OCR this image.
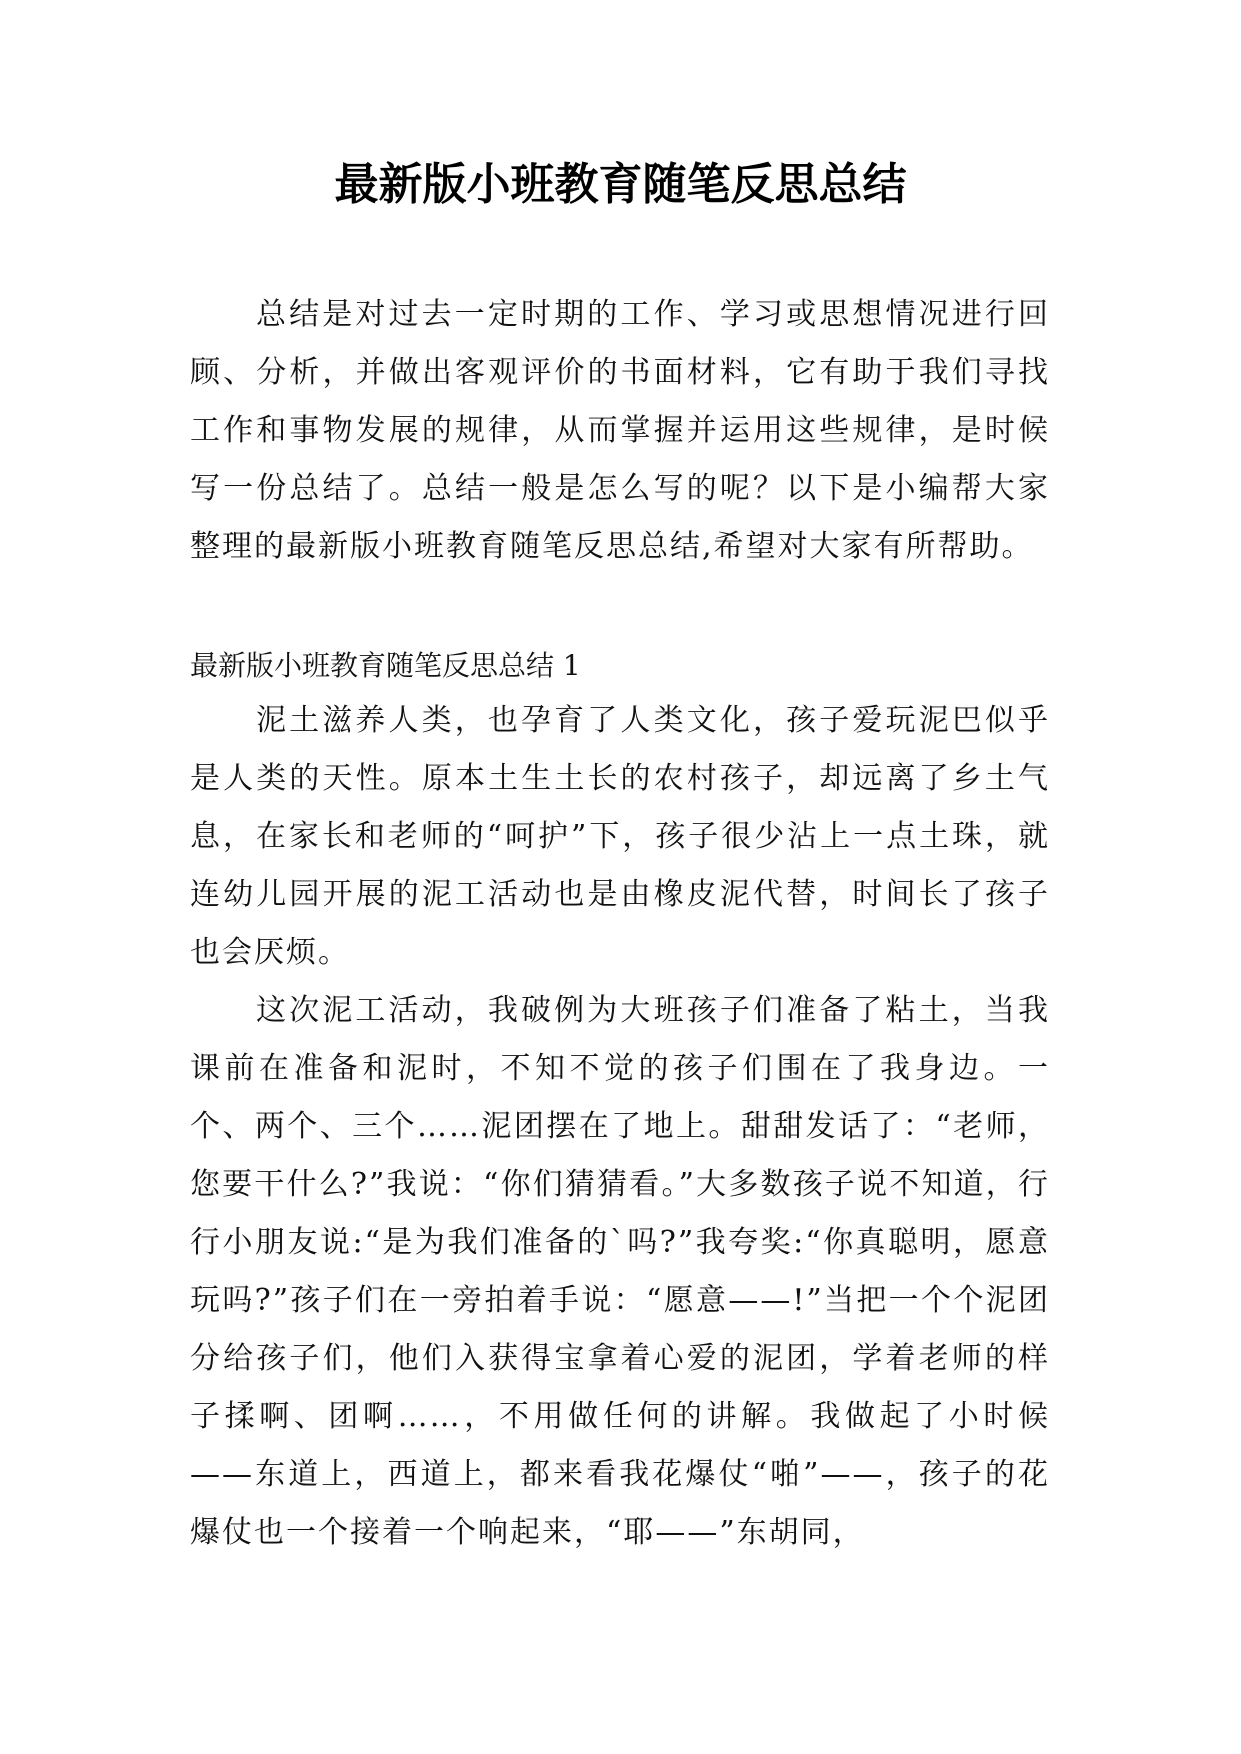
最新版小班教育随笔反思总结

总结是对过去一定时期的工作、学习或思想情况进行回顾、分析，并做出客观评价的书面材料，它有助于我们寻找工作和事物发展的规律，从而掌握并运用这些规律，是时候写一份总结了。总结一般是怎么写的呢？以下是小编帮大家整理的最新版小班教育随笔反思总结,希望对大家有所帮助。

最新版小班教育随笔反思总结 1

泥土滋养人类，也孕育了人类文化，孩子爱玩泥巴似乎是人类的天性。原本土生土长的农村孩子，却远离了乡土气息，在家长和老师的“呵护”下，孩子很少沾上一点土珠，就连幼儿园开展的泥工活动也是由橡皮泥代替，时间长了孩子也会厌烦。

这次泥工活动，我破例为大班孩子们准备了粘土，当我课前在准备和泥时，不知不觉的孩子们围在了我身边。一个、两个、三个……泥团摆在了地上。甜甜发话了：“老师，您要干什么?”我说：“你们猜猜看。”大多数孩子说不知道，行行小朋友说:“是为我们准备的`吗?”我夸奖:“你真聪明，愿意玩吗?”孩子们在一旁拍着手说：“愿意——!”当把一个个泥团分给孩子们，他们入获得宝拿着心爱的泥团，学着老师的样子揉啊、团啊……，不用做任何的讲解。我做起了小时候——东道上，西道上，都来看我花爆仗“啪”——，孩子的花爆仗也一个接着一个响起来，“耶——”东胡同，
